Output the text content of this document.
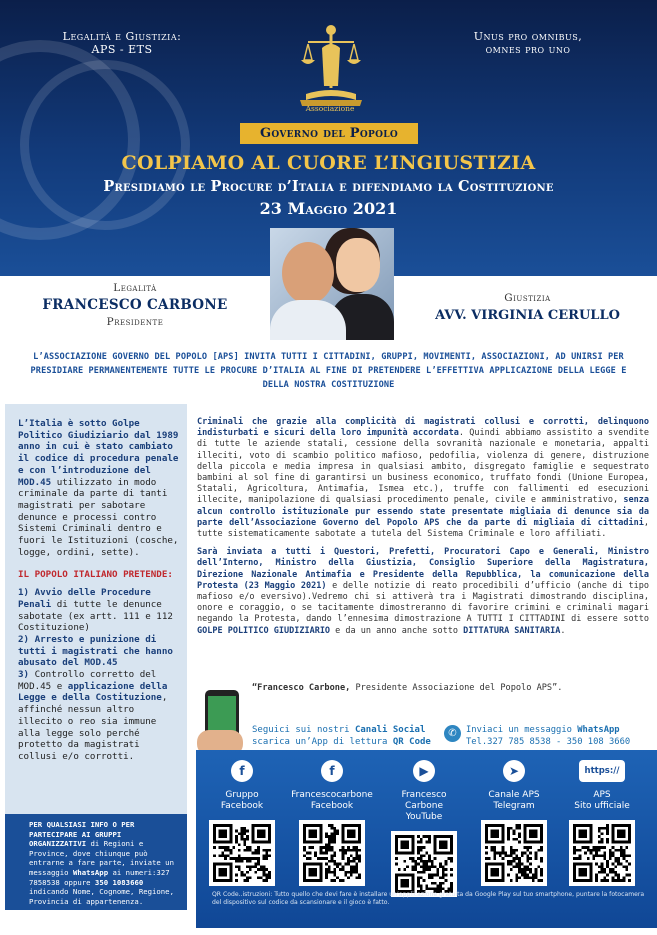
Legalità e Giustizia:
APS - ETS
Unus pro omnibus,
omnes pro uno
Associazione
Governo del Popolo
COLPIAMO AL CUORE L’INGIUSTIZIA
Presidiamo le Procure d’Italia e difendiamo la Costituzione
23 Maggio 2021
Legalità
FRANCESCO CARBONE
Presidente
Giustizia
AVV. VIRGINIA CERULLO
L’ASSOCIAZIONE GOVERNO DEL POPOLO [APS] INVITA TUTTI I CITTADINI, GRUPPI, MOVIMENTI, ASSOCIAZIONI, AD UNIRSI PER PRESIDIARE PERMANENTEMENTE TUTTE LE PROCURE D’ITALIA AL FINE DI PRETENDERE L’EFFETTIVA APPLICAZIONE DELLA LEGGE E DELLA NOSTRA COSTITUZIONE
L’Italia è sotto Golpe Politico Giudiziario dal 1989 anno in cui è stato cambiato il codice di procedura penale e con l’introduzione del MOD.45 utilizzato in modo criminale da parte di tanti magistrati per sabotare denunce e processi contro Sistemi Criminali dentro e fuori le Istituzioni (cosche, logge, ordini, sette).
IL POPOLO ITALIANO PRETENDE:
1) Avvio delle Procedure Penali di tutte le denunce sabotate (ex artt. 111 e 112 Costituzione)
2) Arresto e punizione di tutti i magistrati che hanno abusato del MOD.45
3) Controllo corretto del MOD.45 e applicazione della Legge e della Costituzione, affinché nessun altro illecito o reo sia immune alla legge solo perché protetto da magistrati collusi e/o corrotti.
PER QUALSIASI INFO O PER PARTECIPARE AI GRUPPI ORGANIZZATIVI di Regioni e Province, dove chiunque può entrarne a fare parte, inviate un messaggio WhatsApp ai numeri:327 7858538 oppure 350 1083660 indicando Nome, Cognome, Regione, Provincia di appartenenza.

Criminali che grazie alla complicità di magistrati collusi e corrotti, delinquono indisturbati e sicuri della loro impunità accordata. Quindi abbiamo assistito a svendite di tutte le aziende statali, cessione della sovranità nazionale e monetaria, appalti illeciti, voto di scambio politico mafioso, pedofilia, violenza di genere, distruzione della piccola e media impresa in qualsiasi ambito, disgregato famiglie e sequestrato bambini al sol fine di garantirsi un business economico, truffato fondi (Unione Europea, Statali, Agricoltura, Antimafia, Ismea etc.), truffe con fallimenti ed esecuzioni illecite, manipolazione di qualsiasi procedimento penale, civile e amministrativo, senza alcun controllo istituzionale pur essendo state presentate migliaia di denunce sia da parte dell’Associazione Governo del Popolo APS che da parte di migliaia di cittadini, tutte sistematicamente sabotate a tutela del Sistema Criminale e loro affiliati.

Sarà inviata a tutti i Questori, Prefetti, Procuratori Capo e Generali, Ministro dell’Interno, Ministro della Giustizia, Consiglio Superiore della Magistratura, Direzione Nazionale Antimafia e Presidente della Repubblica, la comunicazione della Protesta (23 Maggio 2021) e delle notizie di reato procedibili d’ufficio (anche di tipo mafioso e/o eversivo).Vedremo chi si attiverà tra i Magistrati dimostrando disciplina, onore e coraggio, o se tacitamente dimostreranno di favorire crimini e criminali magari negando la Protesta, dando l’ennesima dimostrazione A TUTTI I CITTADINI di essere sotto GOLPE POLITICO GIUDIZIARIO e da un anno anche sotto DITTATURA SANITARIA.

“Francesco Carbone, Presidente Associazione del Popolo APS”.
Seguici sui nostri Canali Social
scarica un’App di lettura QR Code
✆	Inviaci un messaggio WhatsApp
Tel.327 785 8538 - 350 108 3660
f
Gruppo
Facebook
f
Francescocarbone
Facebook
▶
Francesco Carbone
YouTube
➤
Canale APS
Telegram
https://
APS
Sito ufficiale
QR Code..istruzioni: Tutto quello che devi fare è installare un’applicazione gratuita da Google Play sul tuo smartphone, puntare la fotocamera del dispositivo sul codice da scansionare e il gioco è fatto.
